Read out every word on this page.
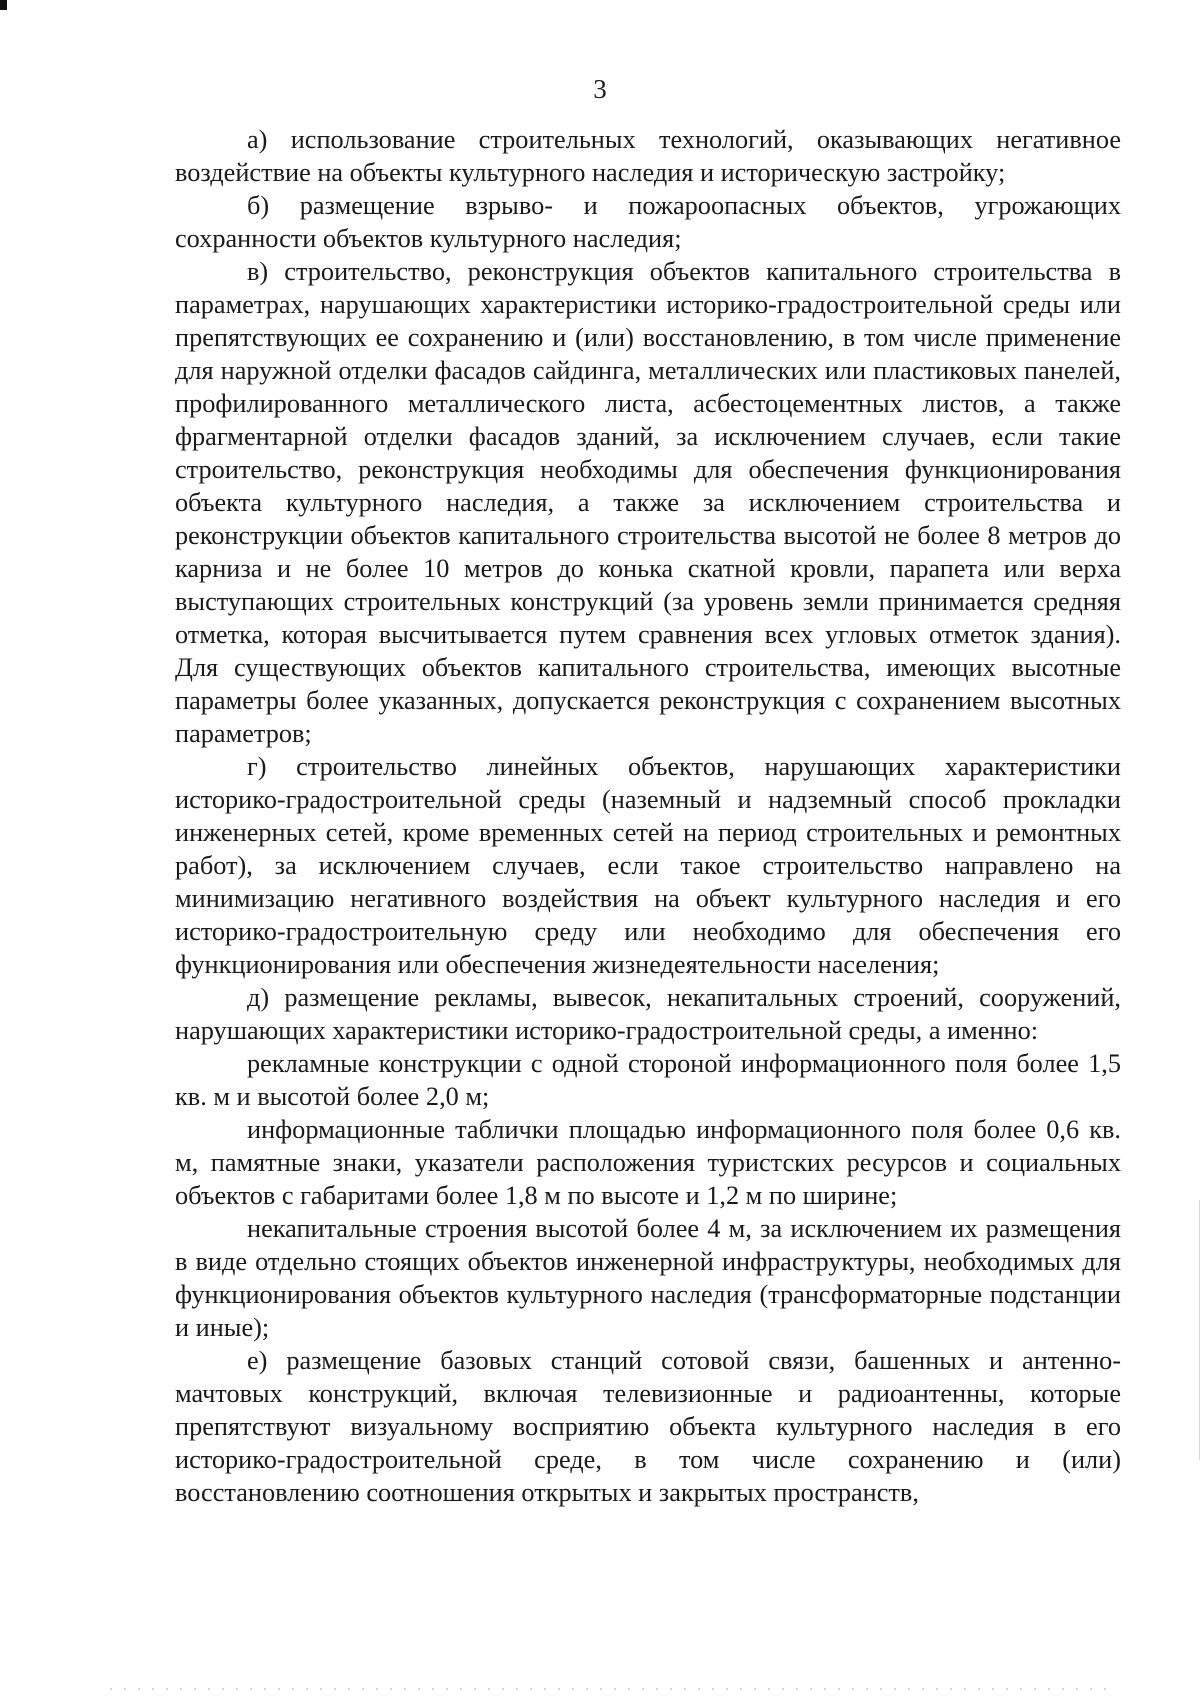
3

а) использование строительных технологий, оказывающих негативное воздействие на объекты культурного наследия и историческую застройку;

б) размещение взрыво- и пожароопасных объектов, угрожающих сохранности объектов культурного наследия;

в) строительство, реконструкция объектов капитального строительства в параметрах, нарушающих характеристики историко-градостроительной среды или препятствующих ее сохранению и (или) восстановлению, в том числе применение для наружной отделки фасадов сайдинга, металлических или пластиковых панелей, профилированного металлического листа, асбестоцементных листов, а также фрагментарной отделки фасадов зданий, за исключением случаев, если такие строительство, реконструкция необходимы для обеспечения функционирования объекта культурного наследия, а также за исключением строительства и реконструкции объектов капитального строительства высотой не более 8 метров до карниза и не более 10 метров до конька скатной кровли, парапета или верха выступающих строительных конструкций (за уровень земли принимается средняя отметка, которая высчитывается путем сравнения всех угловых отметок здания). Для существующих объектов капитального строительства, имеющих высотные параметры более указанных, допускается реконструкция с сохранением высотных параметров;

г) строительство линейных объектов, нарушающих характеристики историко-градостроительной среды (наземный и надземный способ прокладки инженерных сетей, кроме временных сетей на период строительных и ремонтных работ), за исключением случаев, если такое строительство направлено на минимизацию негативного воздействия на объект культурного наследия и его историко-градостроительную среду или необходимо для обеспечения его функционирования или обеспечения жизнедеятельности населения;

д) размещение рекламы, вывесок, некапитальных строений, сооружений, нарушающих характеристики историко-градостроительной среды, а именно:

рекламные конструкции с одной стороной информационного поля более 1,5 кв. м и высотой более 2,0 м;

информационные таблички площадью информационного поля более 0,6 кв. м, памятные знаки, указатели расположения туристских ресурсов и социальных объектов с габаритами более 1,8 м по высоте и 1,2 м по ширине;

некапитальные строения высотой более 4 м, за исключением их размещения в виде отдельно стоящих объектов инженерной инфраструктуры, необходимых для функционирования объектов культурного наследия (трансформаторные подстанции и иные);

е) размещение базовых станций сотовой связи, башенных и антенно-мачтовых конструкций, включая телевизионные и радиоантенны, которые препятствуют визуальному восприятию объекта культурного наследия в его историко-градостроительной среде, в том числе сохранению и (или) восстановлению соотношения открытых и закрытых пространств,
